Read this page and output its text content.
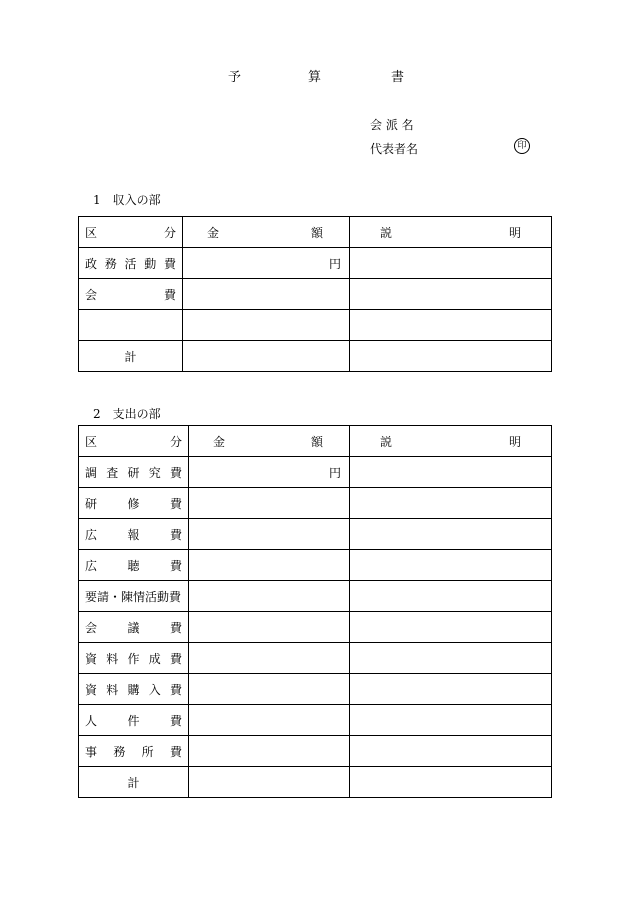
予	算	書
会 派 名
代表者名	印
1　収入の部
区 分	金 額	説 明

政 務 活 動 費	円	

会 費		

計		
2　支出の部
区 分	金 額	説 明

調 査 研 究 費	円	

研 修 費		

広 報 費		

広 聴 費		

要請・陳情活動費		

会 議 費		

資 料 作 成 費		

資 料 購 入 費		

人 件 費		

事 務 所 費		

計		
